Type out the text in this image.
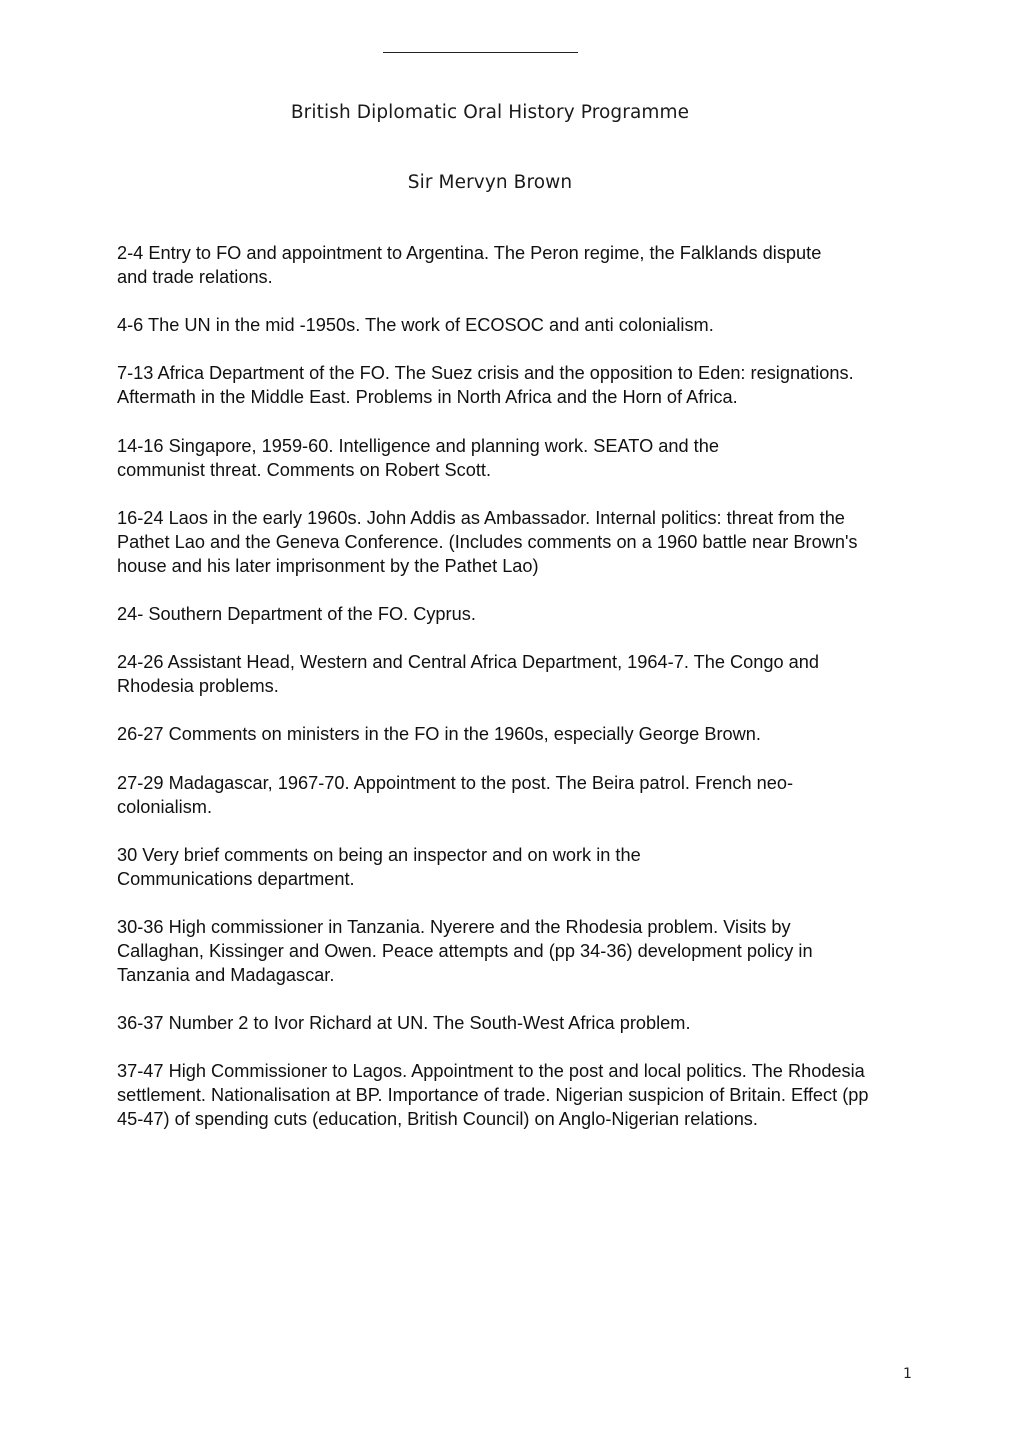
British Diplomatic Oral History Programme
Sir Mervyn Brown

2-4 Entry to FO and appointment to Argentina. The Peron regime, the Falklands dispute
and trade relations.

4-6 The UN in the mid -1950s. The work of ECOSOC and anti colonialism.

7-13 Africa Department of the FO. The Suez crisis and the opposition to Eden: resignations.
Aftermath in the Middle East. Problems in North Africa and the Horn of Africa.

14-16 Singapore, 1959-60. Intelligence and planning work. SEATO and the
communist threat. Comments on Robert Scott.

16-24 Laos in the early 1960s. John Addis as Ambassador. Internal politics: threat from the
Pathet Lao and the Geneva Conference. (Includes comments on a 1960 battle near Brown's
house and his later imprisonment by the Pathet Lao)

24- Southern Department of the FO. Cyprus.

24-26 Assistant Head, Western and Central Africa Department, 1964-7. The Congo and
Rhodesia problems.

26-27 Comments on ministers in the FO in the 1960s, especially George Brown.

27-29 Madagascar, 1967-70. Appointment to the post. The Beira patrol. French neo-
colonialism.

30 Very brief comments on being an inspector and on work in the
Communications department.

30-36 High commissioner in Tanzania. Nyerere and the Rhodesia problem. Visits by
Callaghan, Kissinger and Owen. Peace attempts and (pp 34-36) development policy in
Tanzania and Madagascar.

36-37 Number 2 to Ivor Richard at UN. The South-West Africa problem.

37-47 High Commissioner to Lagos. Appointment to the post and local politics. The Rhodesia
settlement. Nationalisation at BP. Importance of trade. Nigerian suspicion of Britain. Effect (pp
45-47) of spending cuts (education, British Council) on Anglo-Nigerian relations.

1
